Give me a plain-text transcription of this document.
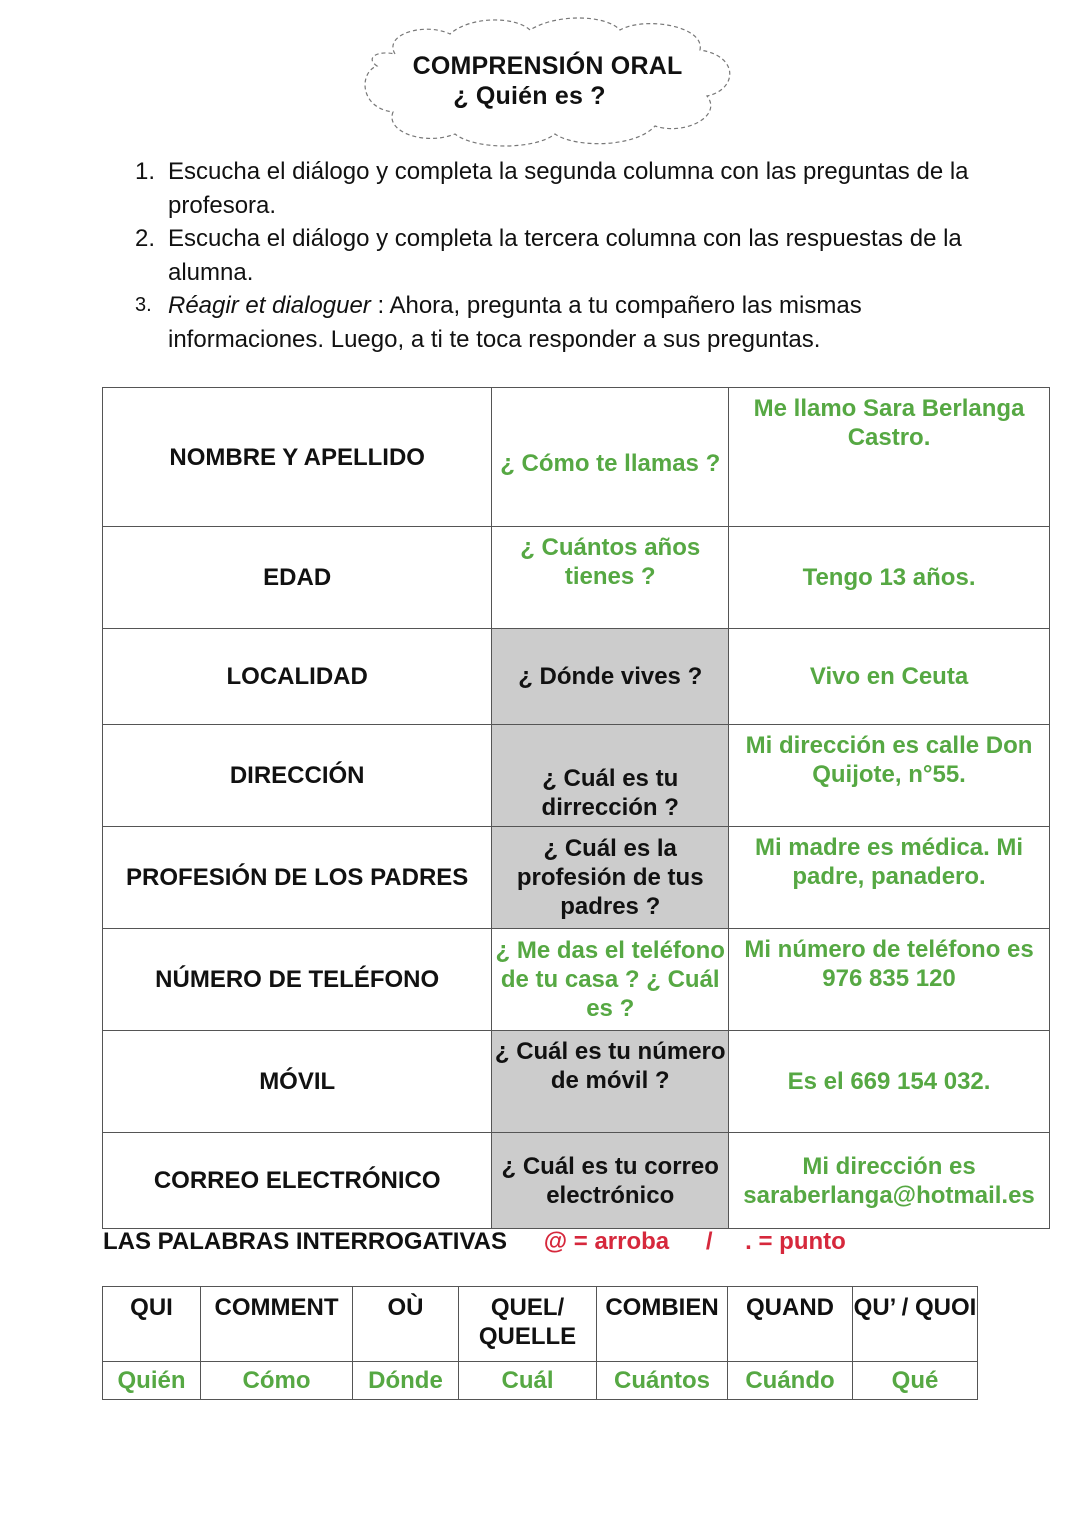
COMPRENSIÓN ORAL
¿ Quién es ?
1. Escucha el diálogo y completa la segunda columna con las preguntas de la profesora.
2. Escucha el diálogo y completa la tercera columna con las respuestas de la alumna.
3. Réagir et dialoguer : Ahora, pregunta a tu compañero las mismas informaciones. Luego, a ti te toca responder a sus preguntas.
NOMBRE Y APELLIDO	¿ Cómo te llamas ?	Me llamo Sara Berlanga Castro.
EDAD	¿ Cuántos años tienes ?	Tengo 13 años.
LOCALIDAD	¿ Dónde vives ?	Vivo en Ceuta
DIRECCIÓN	¿ Cuál es tu dirrección ?	Mi dirección es calle Don Quijote, n°55.
PROFESIÓN DE LOS PADRES	¿ Cuál es la profesión de tus padres ?	Mi madre es médica. Mi padre, panadero.
NÚMERO DE TELÉFONO	¿ Me das el teléfono de tu casa ? ¿ Cuál es ?	Mi número de teléfono es 976 835 120
MÓVIL	¿ Cuál es tu número de móvil ?	Es el 669 154 032.
CORREO ELECTRÓNICO	¿ Cuál es tu correo electrónico	Mi dirección es
saraberlanga@hotmail.es
LAS PALABRAS INTERROGATIVAS @ = arroba / . = punto
QUI	COMMENT	OÙ	QUEL/ QUELLE	COMBIEN	QUAND	QU’ / QUOI
Quién	Cómo	Dónde	Cuál	Cuántos	Cuándo	Qué
